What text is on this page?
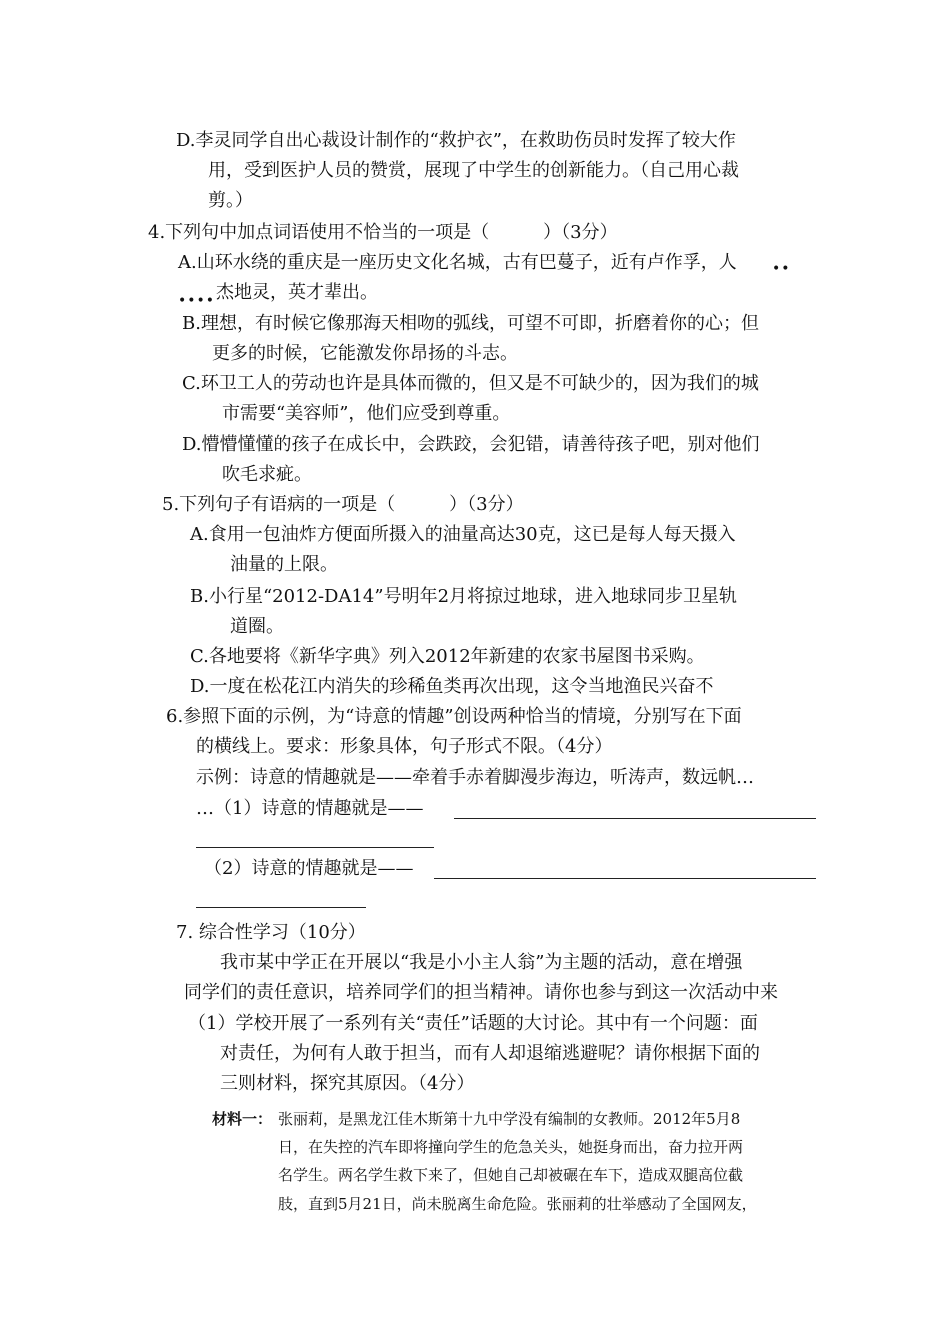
D.李灵同学自出心裁设计制作的“救护衣”，在救助伤员时发挥了较大作
用，受到医护人员的赞赏，展现了中学生的创新能力。（自己用心裁
剪。）
4.下列句中加点词语使用不恰当的一项是（　　　）（3分）
A.山环水绕的重庆是一座历史文化名城，古有巴蔓子，近有卢作孚，人	••
•••• 杰地灵，英才辈出。
B.理想，有时候它像那海天相吻的弧线，可望不可即，折磨着你的心；但
更多的时候，它能激发你昂扬的斗志。
C.环卫工人的劳动也许是具体而微的，但又是不可缺少的，因为我们的城
市需要“美容师”，他们应受到尊重。
D.懵懵懂懂的孩子在成长中，会跌跤，会犯错，请善待孩子吧，别对他们
吹毛求疵。
5.下列句子有语病的一项是（　　　）（3分）
A.食用一包油炸方便面所摄入的油量高达30克，这已是每人每天摄入
油量的上限。
B.小行星“2012-DA14”号明年2月将掠过地球，进入地球同步卫星轨
道圈。
C.各地要将《新华字典》列入2012年新建的农家书屋图书采购。
D.一度在松花江内消失的珍稀鱼类再次出现，这令当地渔民兴奋不
6.参照下面的示例，为“诗意的情趣”创设两种恰当的情境，分别写在下面
的横线上。要求：形象具体，句子形式不限。（4分）
示例：诗意的情趣就是——牵着手赤着脚漫步海边，听涛声，数远帆…
…（1）诗意的情趣就是——
（2）诗意的情趣就是——
7. 综合性学习（10分）
我市某中学正在开展以“我是小小主人翁”为主题的活动，意在增强
同学们的责任意识，培养同学们的担当精神。请你也参与到这一次活动中来
（1）学校开展了一系列有关“责任”话题的大讨论。其中有一个问题：面
对责任，为何有人敢于担当，而有人却退缩逃避呢？请你根据下面的
三则材料，探究其原因。（4分）
材料一： 张丽莉，是黑龙江佳木斯第十九中学没有编制的女教师。2012年5月8
日，在失控的汽车即将撞向学生的危急关头，她挺身而出，奋力拉开两
名学生。两名学生救下来了，但她自己却被碾在车下，造成双腿高位截
肢，直到5月21日，尚未脱离生命危险。张丽莉的壮举感动了全国网友，
